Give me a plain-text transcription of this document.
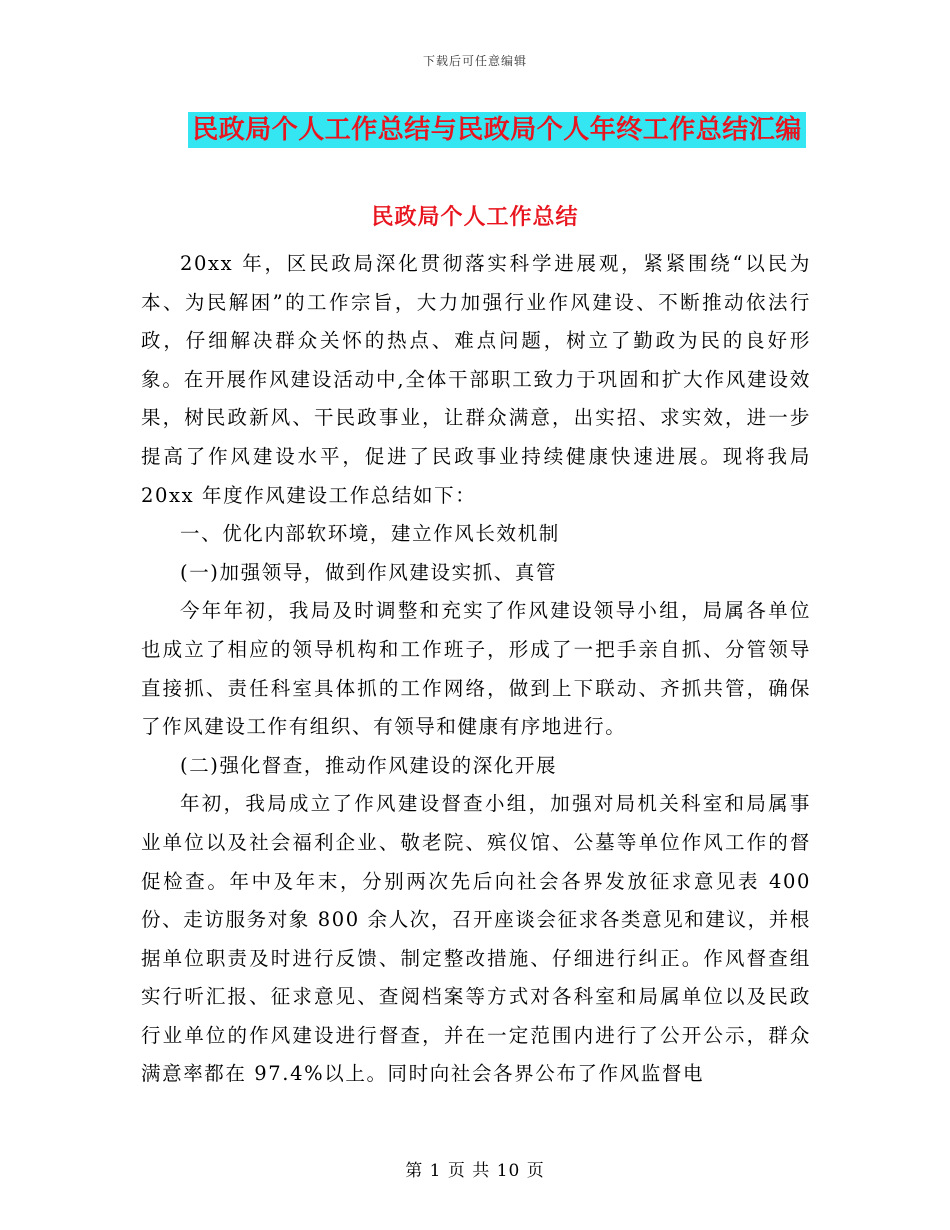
下载后可任意编辑
民政局个人工作总结与民政局个人年终工作总结汇编
民政局个人工作总结

20xx 年，区民政局深化贯彻落实科学进展观，紧紧围绕“以民为本、为民解困”的工作宗旨，大力加强行业作风建设、不断推动依法行政，仔细解决群众关怀的热点、难点问题，树立了勤政为民的良好形象。在开展作风建设活动中,全体干部职工致力于巩固和扩大作风建设效果，树民政新风、干民政事业，让群众满意，出实招、求实效，进一步提高了作风建设水平，促进了民政事业持续健康快速进展。现将我局 20xx 年度作风建设工作总结如下：

一、优化内部软环境，建立作风长效机制

(一)加强领导，做到作风建设实抓、真管

今年年初，我局及时调整和充实了作风建设领导小组，局属各单位也成立了相应的领导机构和工作班子，形成了一把手亲自抓、分管领导直接抓、责任科室具体抓的工作网络，做到上下联动、齐抓共管，确保了作风建设工作有组织、有领导和健康有序地进行。

(二)强化督查，推动作风建设的深化开展

年初，我局成立了作风建设督查小组，加强对局机关科室和局属事业单位以及社会福利企业、敬老院、殡仪馆、公墓等单位作风工作的督促检查。年中及年末，分别两次先后向社会各界发放征求意见表 400 份、走访服务对象 800 余人次，召开座谈会征求各类意见和建议，并根据单位职责及时进行反馈、制定整改措施、仔细进行纠正。作风督查组实行听汇报、征求意见、查阅档案等方式对各科室和局属单位以及民政行业单位的作风建设进行督查，并在一定范围内进行了公开公示，群众满意率都在 97.4%以上。同时向社会各界公布了作风监督电

第 1 页 共 10 页
